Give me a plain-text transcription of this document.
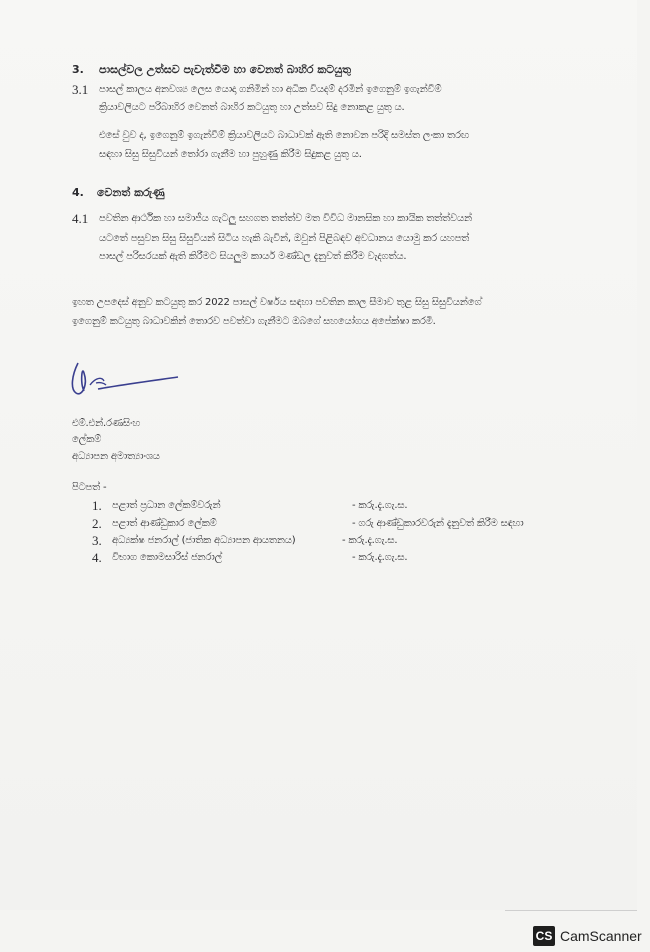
3. පාසල්වල උත්සව පැවැත්වීම හා වෙනත් බාහිර කටයුතු
3.1 පාසල් කාලය අනවශ්‍ය ලෙස යොදා ගනිමින් හා අධික වියදම් දරමින් ඉගෙනුම් ඉගැන්වීම්
ක්‍රියාවලියට පරිබාහිර වෙනත් බාහිර කටයුතු හා උත්සව සිදු නොකළ යුතු ය.
එසේ වුව ද, ඉගෙනුම් ඉගැන්වීම් ක්‍රියාවලියට බාධාවක් ඇති නොවන පරිදි සමස්ත ලංකා තරඟ
සඳහා සිසු සිසුවියන් තෝරා ගැනීම හා පුහුණු කිරීම සිදුකළ යුතු ය.
4. වෙනත් කරුණු
4.1 පවතින ආර්ථික හා සමාජීය ගැටලු සහගත තත්ත්ව මත විවිධ මානසික හා කායික තත්ත්වයන්
යටතේ පසුවන සිසු සිසුවියන් සිටිය හැකි බැවින්, ඔවුන් පිළිබඳව අවධානය යොමු කර යහපත්
පාසල් පරිසරයක් ඇති කිරීමට සියලුම කාර්ය මණ්ඩල දැනුවත් කිරීම වැදගත්ය.
ඉහත උපදෙස් අනුව කටයුතු කර 2022 පාසල් වර්ෂය සඳහා පවතින කාල සීමාව තුළ සිසු සිසුවියන්ගේ
ඉගෙනුම් කටයුතු බාධාවකින් තොරව පවත්වා ගැනීමට ඔබගේ සහයෝගය අපේක්ෂා කරමි.
එම්.එන්.රණසිංහ
ලේකම්
අධ්‍යාපන අමාත්‍යාංශය
පිටපත් -
1. පළාත් ප්‍රධාන ලේකම්වරුන්	- කරු.දැ.ගැ.ස.
2. පළාත් ආණ්ඩුකාර ලේකම්	- ගරු ආණ්ඩුකාරවරුන් දැනුවත් කිරීම සඳහා
3. අධ්‍යක්ෂ ජනරාල් (ජාතික අධ්‍යාපන ආයතනය)	- කරු.දැ.ගැ.ස.
4. විභාග කොමසාරිස් ජනරාල්	- කරු.දැ.ගැ.ස.
CS CamScanner
